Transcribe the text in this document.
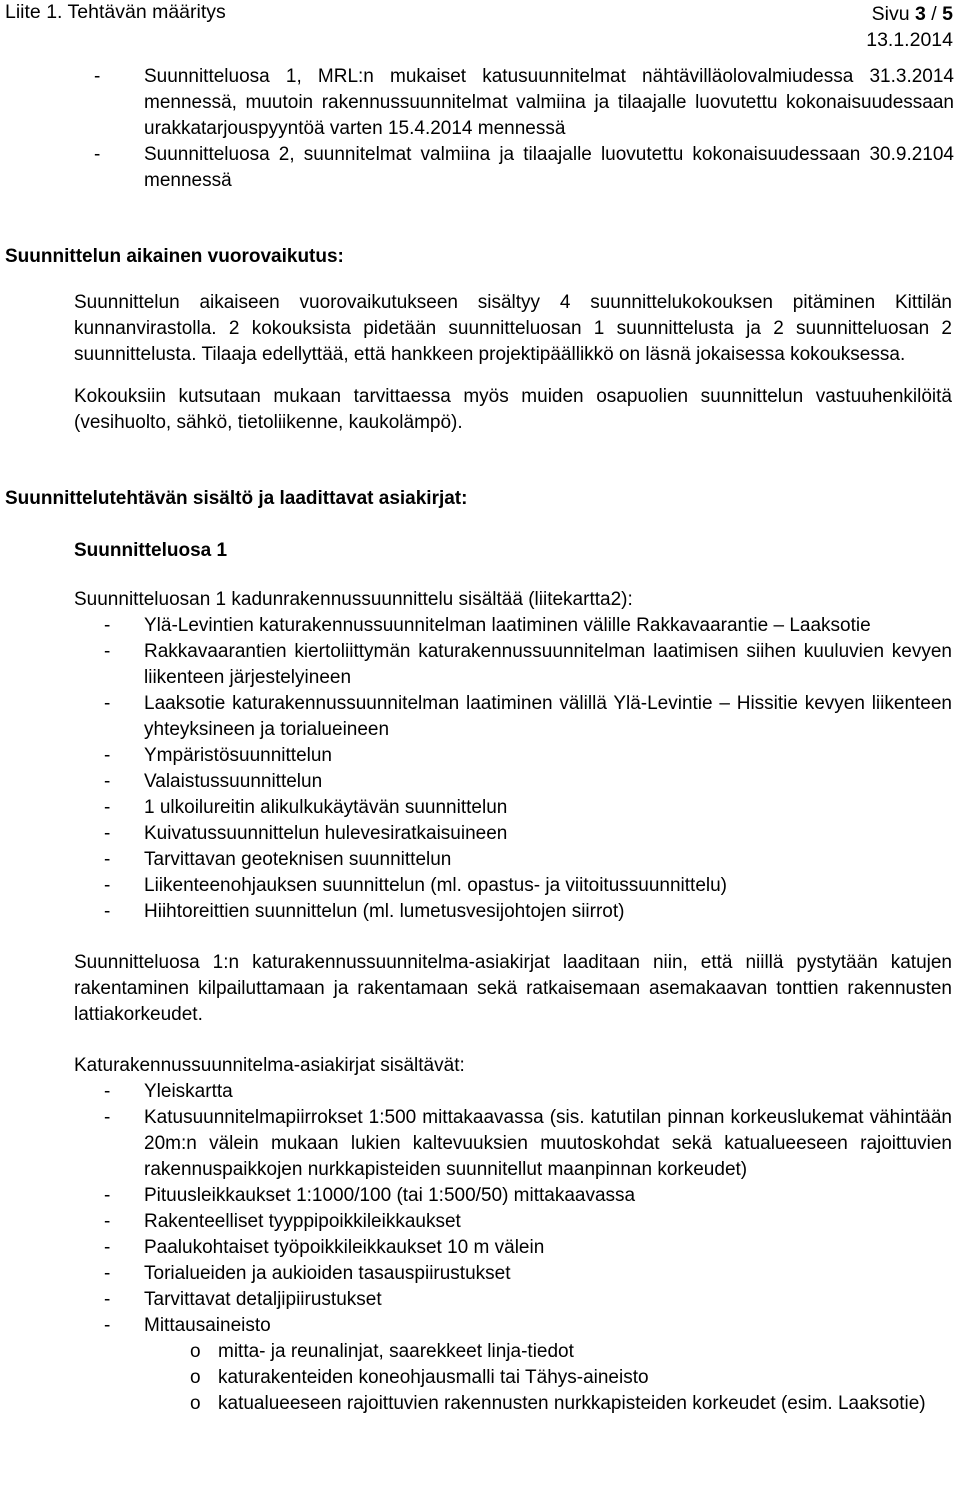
Liite 1. Tehtävän määritys	Sivu 3 / 5
13.1.2014
- Suunnitteluosa 1, MRL:n mukaiset katusuunnitelmat nähtävilläolovalmiudessa 31.3.2014 mennessä, muutoin rakennussuunnitelmat valmiina ja tilaajalle luovutettu kokonaisuudessaan urakkatarjouspyyntöä varten 15.4.2014 mennessä

- Suunnitteluosa 2, suunnitelmat valmiina ja tilaajalle luovutettu kokonaisuudessaan 30.9.2104 mennessä

Suunnittelun aikainen vuorovaikutus:

Suunnittelun aikaiseen vuorovaikutukseen sisältyy 4 suunnittelukokouksen pitäminen Kittilän kunnanvirastolla. 2 kokouksista pidetään suunnitteluosan 1 suunnittelusta ja 2 suunnitteluosan 2 suunnittelusta. Tilaaja edellyttää, että hankkeen projektipäällikkö on läsnä jokaisessa kokouksessa.

Kokouksiin kutsutaan mukaan tarvittaessa myös muiden osapuolien suunnittelun vastuuhenkilöitä (vesihuolto, sähkö, tietoliikenne, kaukolämpö).

Suunnittelutehtävän sisältö ja laadittavat asiakirjat:
Suunnitteluosa 1

Suunnitteluosan 1 kadunrakennussuunnittelu sisältää (liitekartta2):

- Ylä-Levintien katurakennussuunnitelman laatiminen välille Rakkavaarantie – Laaksotie

- Rakkavaarantien kiertoliittymän katurakennussuunnitelman laatimisen siihen kuuluvien kevyen liikenteen järjestelyineen

- Laaksotie katurakennussuunnitelman laatiminen välillä Ylä-Levintie – Hissitie kevyen liikenteen yhteyksineen ja torialueineen

- Ympäristösuunnittelun

- Valaistussuunnittelun

- 1 ulkoilureitin alikulkukäytävän suunnittelun

- Kuivatussuunnittelun hulevesiratkaisuineen

- Tarvittavan geoteknisen suunnittelun

- Liikenteenohjauksen suunnittelun (ml. opastus- ja viitoitussuunnittelu)

- Hiihtoreittien suunnittelun (ml. lumetusvesijohtojen siirrot)

Suunnitteluosa 1:n katurakennussuunnitelma-asiakirjat laaditaan niin, että niillä pystytään katujen rakentaminen kilpailuttamaan ja rakentamaan sekä ratkaisemaan asemakaavan tonttien rakennusten lattiakorkeudet.

Katurakennussuunnitelma-asiakirjat sisältävät:

- Yleiskartta

- Katusuunnitelmapiirrokset 1:500 mittakaavassa (sis. katutilan pinnan korkeuslukemat vähintään 20m:n välein mukaan lukien kaltevuuksien muutoskohdat sekä katualueeseen rajoittuvien rakennuspaikkojen nurkkapisteiden suunnitellut maanpinnan korkeudet)

- Pituusleikkaukset 1:1000/100 (tai 1:500/50) mittakaavassa

- Rakenteelliset tyyppipoikkileikkaukset

- Paalukohtaiset työpoikkileikkaukset 10 m välein

- Torialueiden ja aukioiden tasauspiirustukset

- Tarvittavat detaljipiirustukset

- Mittausaineisto

o mitta- ja reunalinjat, saarekkeet linja-tiedot

o katurakenteiden koneohjausmalli tai Tähys-aineisto

o katualueeseen rajoittuvien rakennusten nurkkapisteiden korkeudet (esim. Laaksotie)
